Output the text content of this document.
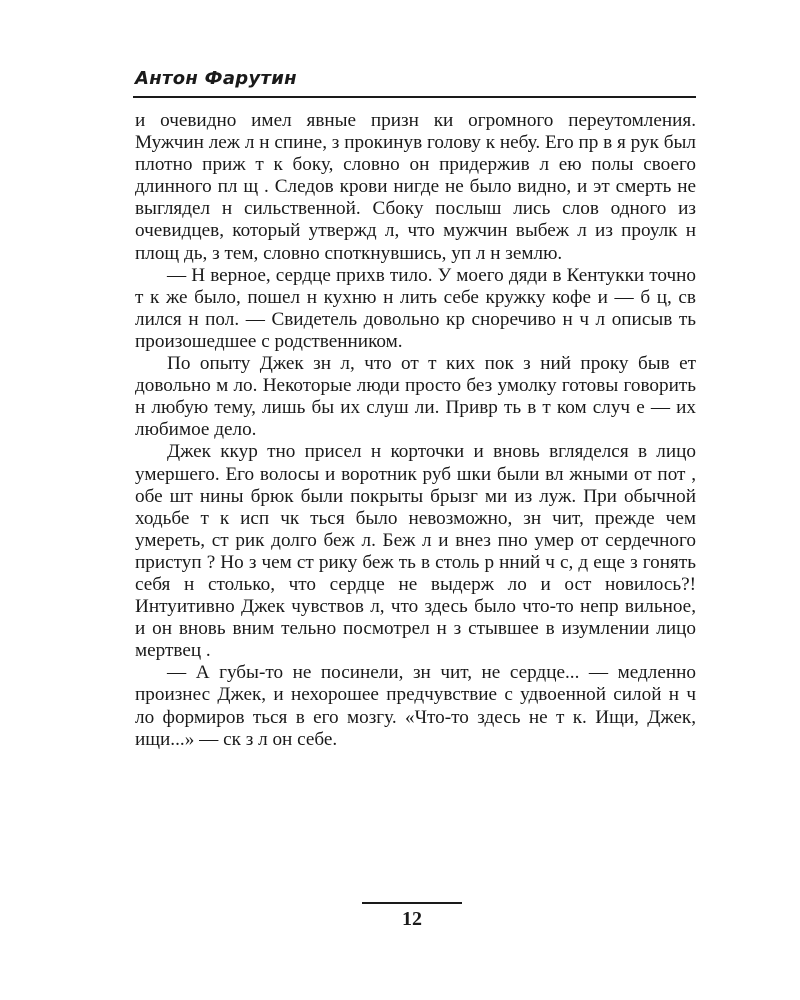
Антон Фарутин

и очевидно имел явные призн ки огромного переутомления. Мужчин леж л н спине, з прокинув голову к небу. Его пр в я рук был плотно приж т к боку, словно он придержив л ею полы своего длинного пл щ . Следов крови нигде не было видно, и эт смерть не выглядел н сильственной. Сбоку послыш лись слов одного из очевидцев, который утвержд л, что мужчин выбеж л из проулк н площ дь, з тем, словно споткнувшись, уп л н землю.

— Н верное, сердце прихв тило. У моего дяди в Кентукки точно т к же было, пошел н кухню н лить себе кружку кофе и — б ц, св лился н пол. — Свидетель довольно кр сноречиво н ч л описыв ть произошедшее с родственником.

По опыту Джек зн л, что от т ких пок з ний проку быв ет довольно м ло. Некоторые люди просто без умолку готовы говорить н любую тему, лишь бы их слуш ли. Привр ть в т ком случ е — их любимое дело.

Джек ккур тно присел н корточки и вновь вгляделся в лицо умершего. Его волосы и воротник руб шки были вл жными от пот , обе шт нины брюк были покрыты брызг ми из луж. При обычной ходьбе т к исп чк ться было невозможно, зн чит, прежде чем умереть, ст рик долго беж л. Беж л и внез пно умер от сердечного приступ ? Но з чем ст рику беж ть в столь р нний ч с, д еще з гонять себя н столько, что сердце не выдерж ло и ост новилось?! Интуитивно Джек чувствов л, что здесь было что-то непр вильное, и он вновь вним тельно посмотрел н з стывшее в изумлении лицо мертвец .

— А губы-то не посинели, зн чит, не сердце... — медленно произнес Джек, и нехорошее предчувствие с удвоенной силой н ч ло формиров ться в его мозгу. «Что-то здесь не т к. Ищи, Джек, ищи...» — ск з л он себе.

12
